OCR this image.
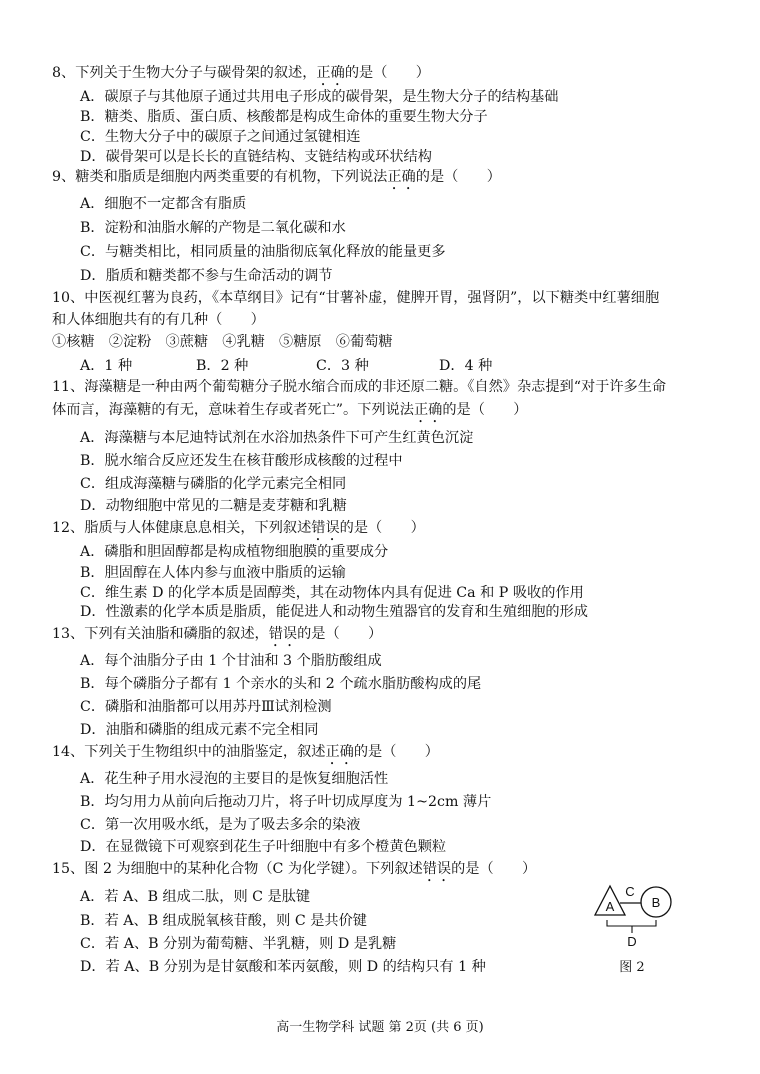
8、下列关于生物大分子与碳骨架的叙述，正确的是（　　）
A．碳原子与其他原子通过共用电子形成的碳骨架，是生物大分子的结构基础
B．糖类、脂质、蛋白质、核酸都是构成生命体的重要生物大分子
C．生物大分子中的碳原子之间通过氢键相连
D．碳骨架可以是长长的直链结构、支链结构或环状结构
9、糖类和脂质是细胞内两类重要的有机物，下列说法正确的是（　　）
A．细胞不一定都含有脂质
B．淀粉和油脂水解的产物是二氧化碳和水
C．与糖类相比，相同质量的油脂彻底氧化释放的能量更多
D．脂质和糖类都不参与生命活动的调节
10、中医视红薯为良药，《本草纲目》记有“甘薯补虚，健脾开胃，强肾阴”，以下糖类中红薯细胞
和人体细胞共有的有几种（　　）
①核糖　②淀粉　③蔗糖　④乳糖　⑤糖原　⑥葡萄糖
A．1 种	B．2 种	C．3 种	D．4 种
11、海藻糖是一种由两个葡萄糖分子脱水缩合而成的非还原二糖。《自然》杂志提到“对于许多生命
体而言，海藻糖的有无，意味着生存或者死亡”。下列说法正确的是（　　）
A．海藻糖与本尼迪特试剂在水浴加热条件下可产生红黄色沉淀
B．脱水缩合反应还发生在核苷酸形成核酸的过程中
C．组成海藻糖与磷脂的化学元素完全相同
D．动物细胞中常见的二糖是麦芽糖和乳糖
12、脂质与人体健康息息相关，下列叙述错误的是（　　）
A．磷脂和胆固醇都是构成植物细胞膜的重要成分
B．胆固醇在人体内参与血液中脂质的运输
C．维生素 D 的化学本质是固醇类，其在动物体内具有促进 Ca 和 P 吸收的作用
D．性激素的化学本质是脂质，能促进人和动物生殖器官的发育和生殖细胞的形成
13、下列有关油脂和磷脂的叙述，错误的是（　　）
A．每个油脂分子由 1 个甘油和 3 个脂肪酸组成
B．每个磷脂分子都有 1 个亲水的头和 2 个疏水脂肪酸构成的尾
C．磷脂和油脂都可以用苏丹Ⅲ试剂检测
D．油脂和磷脂的组成元素不完全相同
14、下列关于生物组织中的油脂鉴定，叙述正确的是（　　）
A．花生种子用水浸泡的主要目的是恢复细胞活性
B．均匀用力从前向后拖动刀片，将子叶切成厚度为 1~2cm 薄片
C．第一次用吸水纸，是为了吸去多余的染液
D．在显微镜下可观察到花生子叶细胞中有多个橙黄色颗粒
15、图 2 为细胞中的某种化合物（C 为化学键）。下列叙述错误的是（　　）
A．若 A、B 组成二肽，则 C 是肽键
B．若 A、B 组成脱氧核苷酸，则 C 是共价键
C．若 A、B 分别为葡萄糖、半乳糖，则 D 是乳糖
D．若 A、B 分别为是甘氨酸和苯丙氨酸，则 D 的结构只有 1 种
A	B
C
D
图 2
高一生物学科 试题 第 2页 (共 6 页)
